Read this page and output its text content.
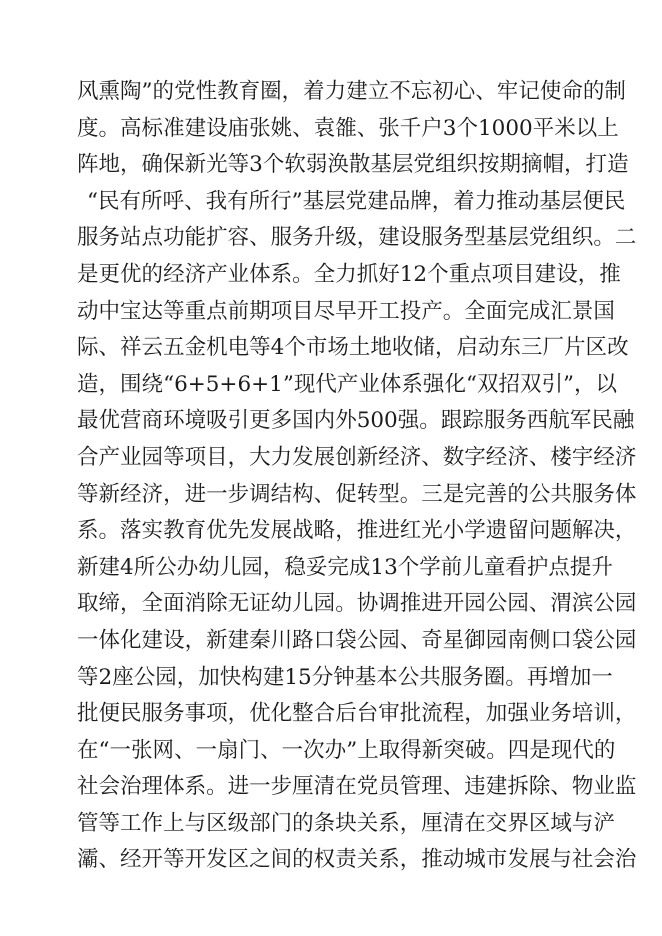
风 熏 陶 ” 的 党 性 教 育 圈 ， 着 力 建 立 不 忘 初 心 、 牢 记 使 命 的 制
度 。 高 标 准 建 设 庙 张 姚 、 袁 雒 、 张 千 户 3 个 1000 平 米 以 上
阵 地 ， 确 保 新 光 等 3 个 软 弱 涣 散 基 层 党 组 织 按 期 摘 帽 ， 打 造
“ 民 有 所 呼 、 我 有 所 行 ” 基 层 党 建 品 牌 ， 着 力 推 动 基 层 便 民
服 务 站 点 功 能 扩 容 、 服 务 升 级 ， 建 设 服 务 型 基 层 党 组 织 。 二
是 更 优 的 经 济 产 业 体 系 。 全 力 抓 好 12 个 重 点 项 目 建 设 ， 推
动 中 宝 达 等 重 点 前 期 项 目 尽 早 开 工 投 产 。 全 面 完 成 汇 景 国
际 、 祥 云 五 金 机 电 等 4 个 市 场 土 地 收 储 ， 启 动 东 三 厂 片 区 改
造 ， 围 绕 “ 6+5+6+1 ” 现 代 产 业 体 系 强 化 “ 双 招 双 引 ” ， 以
最 优 营 商 环 境 吸 引 更 多 国 内 外 500 强 。 跟 踪 服 务 西 航 军 民 融
合 产 业 园 等 项 目 ， 大 力 发 展 创 新 经 济 、 数 字 经 济 、 楼 宇 经 济
等 新 经 济 ， 进 一 步 调 结 构 、 促 转 型 。 三 是 完 善 的 公 共 服 务 体
系 。 落 实 教 育 优 先 发 展 战 略 ， 推 进 红 光 小 学 遗 留 问 题 解 决 ，
新 建 4 所 公 办 幼 儿 园 ， 稳 妥 完 成 13 个 学 前 儿 童 看 护 点 提 升
取 缔 ， 全 面 消 除 无 证 幼 儿 园 。 协 调 推 进 开 园 公 园 、 渭 滨 公 园
一 体 化 建 设 ， 新 建 秦 川 路 口 袋 公 园 、 奇 星 御 园 南 侧 口 袋 公 园
等 2 座 公 园 ， 加 快 构 建 15 分 钟 基 本 公 共 服 务 圈 。 再 增 加 一
批 便 民 服 务 事 项 ， 优 化 整 合 后 台 审 批 流 程 ， 加 强 业 务 培 训 ，
在 “ 一 张 网 、 一 扇 门 、 一 次 办 ” 上 取 得 新 突 破 。 四 是 现 代 的
社 会 治 理 体 系 。 进 一 步 厘 清 在 党 员 管 理 、 违 建 拆 除 、 物 业 监
管 等 工 作 上 与 区 级 部 门 的 条 块 关 系 ， 厘 清 在 交 界 区 域 与 浐
灞 、 经 开 等 开 发 区 之 间 的 权 责 关 系 ， 推 动 城 市 发 展 与 社 会 治
